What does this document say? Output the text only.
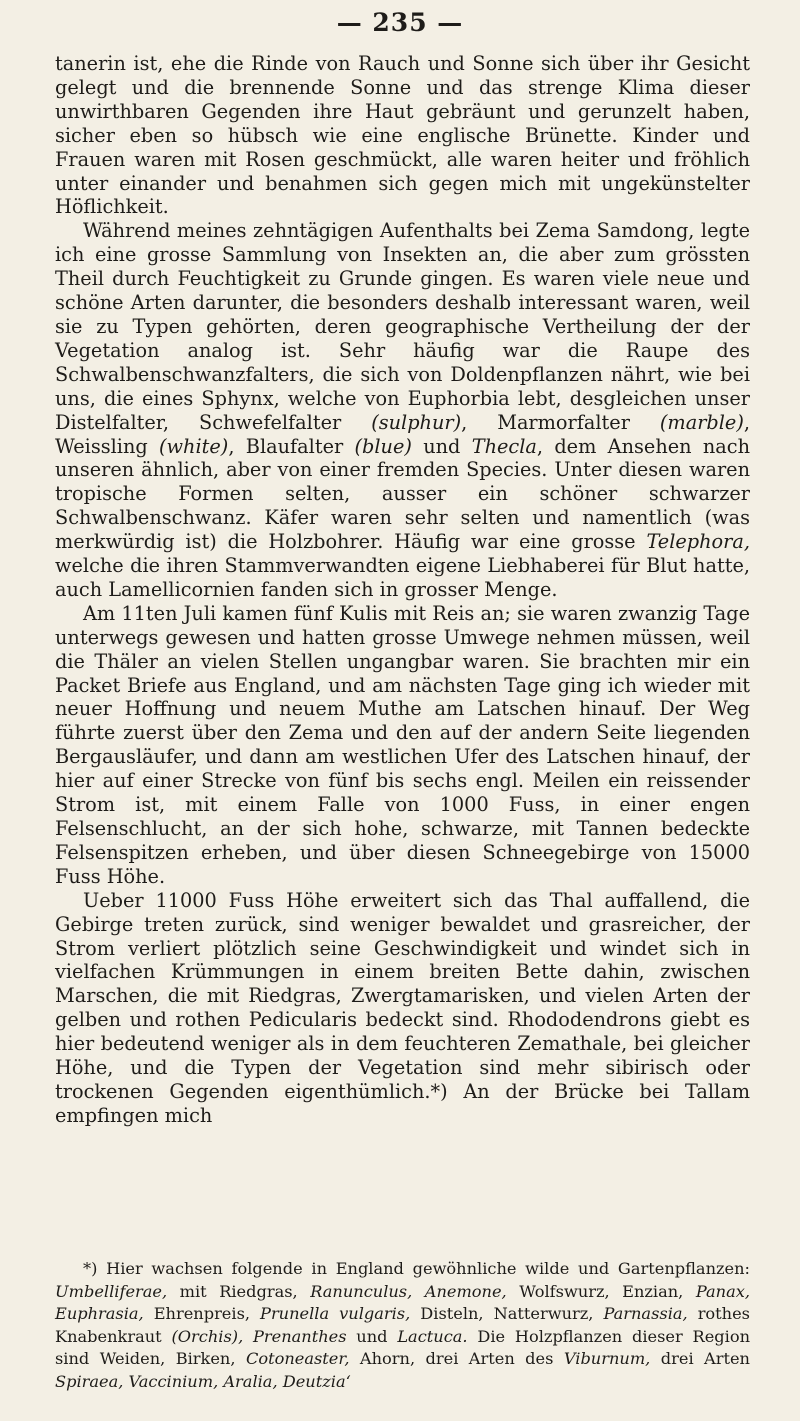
— 235 —

tanerin ist, ehe die Rinde von Rauch und Sonne sich über ihr Gesicht gelegt und die brennende Sonne und das strenge Klima dieser unwirthbaren Gegenden ihre Haut gebräunt und gerunzelt haben, sicher eben so hübsch wie eine englische Brünette. Kinder und Frauen waren mit Rosen geschmückt, alle waren heiter und fröhlich unter einander und benahmen sich gegen mich mit ungekünstelter Höflichkeit.

Während meines zehntägigen Aufenthalts bei Zema Samdong, legte ich eine grosse Sammlung von Insekten an, die aber zum grössten Theil durch Feuchtigkeit zu Grunde gingen. Es waren viele neue und schöne Arten darunter, die besonders deshalb interessant waren, weil sie zu Typen gehörten, deren geographische Vertheilung der der Vegetation analog ist. Sehr häufig war die Raupe des Schwalbenschwanzfalters, die sich von Doldenpflanzen nährt, wie bei uns, die eines Sphynx, welche von Euphorbia lebt, desgleichen unser Distelfalter, Schwefelfalter (sulphur), Marmorfalter (marble), Weissling (white), Blaufalter (blue) und Thecla, dem Ansehen nach unseren ähnlich, aber von einer fremden Species. Unter diesen waren tropische Formen selten, ausser ein schöner schwarzer Schwalbenschwanz. Käfer waren sehr selten und namentlich (was merkwürdig ist) die Holzbohrer. Häufig war eine grosse Telephora, welche die ihren Stammverwandten eigene Liebhaberei für Blut hatte, auch Lamellicornien fanden sich in grosser Menge.

Am 11ten Juli kamen fünf Kulis mit Reis an; sie waren zwanzig Tage unterwegs gewesen und hatten grosse Umwege nehmen müssen, weil die Thäler an vielen Stellen ungangbar waren. Sie brachten mir ein Packet Briefe aus England, und am nächsten Tage ging ich wieder mit neuer Hoffnung und neuem Muthe am Latschen hinauf. Der Weg führte zuerst über den Zema und den auf der andern Seite liegenden Bergausläufer, und dann am westlichen Ufer des Latschen hinauf, der hier auf einer Strecke von fünf bis sechs engl. Meilen ein reissender Strom ist, mit einem Falle von 1000 Fuss, in einer engen Felsenschlucht, an der sich hohe, schwarze, mit Tannen bedeckte Felsenspitzen erheben, und über diesen Schneegebirge von 15000 Fuss Höhe.

Ueber 11000 Fuss Höhe erweitert sich das Thal auffallend, die Gebirge treten zurück, sind weniger bewaldet und grasreicher, der Strom verliert plötzlich seine Geschwindigkeit und windet sich in vielfachen Krümmungen in einem breiten Bette dahin, zwischen Marschen, die mit Riedgras, Zwergtamarisken, und vielen Arten der gelben und rothen Pedicularis bedeckt sind. Rhododendrons giebt es hier bedeutend weniger als in dem feuchteren Zemathale, bei gleicher Höhe, und die Typen der Vegetation sind mehr sibirisch oder trockenen Gegenden eigenthümlich.*) An der Brücke bei Tallam empfingen mich

*) Hier wachsen folgende in England gewöhnliche wilde und Gartenpflanzen: Umbelliferae, mit Riedgras, Ranunculus, Anemone, Wolfswurz, Enzian, Panax, Euphrasia, Ehrenpreis, Prunella vulgaris, Disteln, Natterwurz, Parnassia, rothes Knabenkraut (Orchis), Prenanthes und Lactuca. Die Holzpflanzen dieser Region sind Weiden, Birken, Cotoneaster, Ahorn, drei Arten des Viburnum, drei Arten Spiraea, Vaccinium, Aralia, Deutzia‘
